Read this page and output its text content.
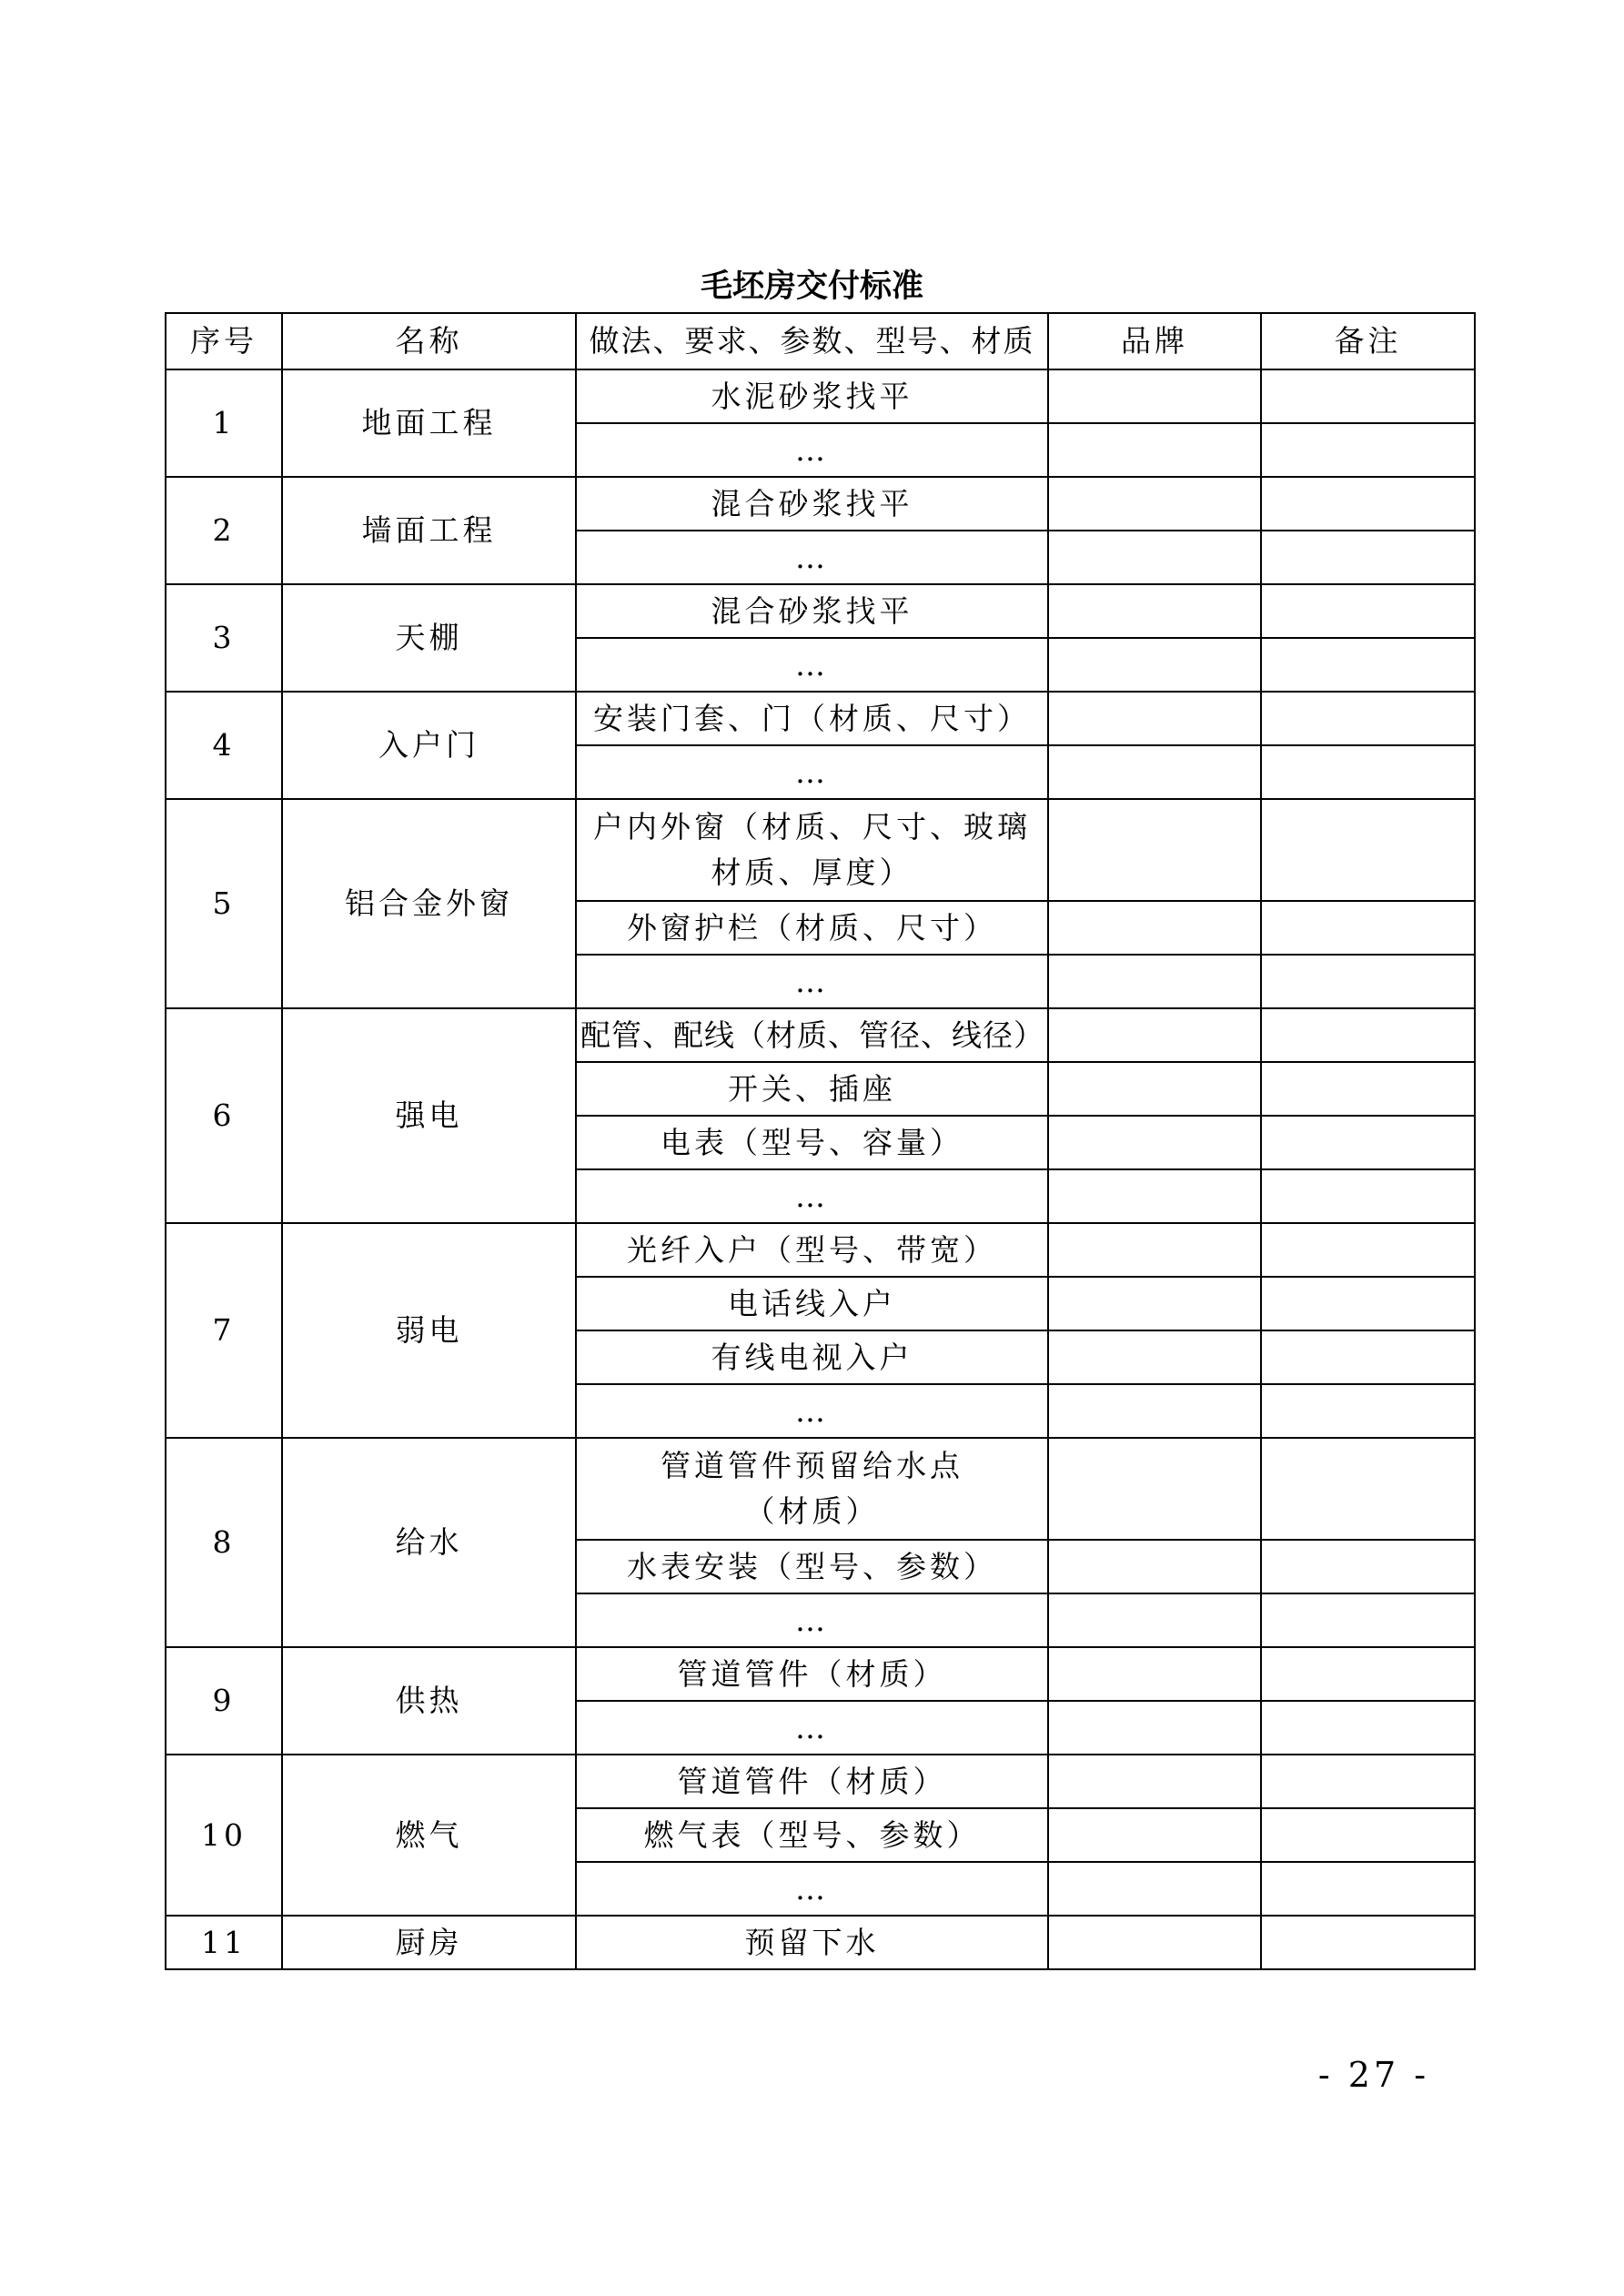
毛坯房交付标准
序号	名称	做法、要求、参数、型号、材质	品牌	备注
1	地面工程	水泥砂浆找平		
		…		
2	墙面工程	混合砂浆找平		
		…		
3	天棚	混合砂浆找平		
		…		
4	入户门	安装门套、门（材质、尺寸）		
		…		
5	铝合金外窗	户内外窗（材质、尺寸、玻璃材质、厚度）		
		外窗护栏（材质、尺寸）		
		…		
6	强电	配管、配线（材质、管径、线径）		
		开关、插座		
		电表（型号、容量）		
		…		
7	弱电	光纤入户（型号、带宽）		
		电话线入户		
		有线电视入户		
		…		
8	给水	管道管件预留给水点（材质）		
		水表安装（型号、参数）		
		…		
9	供热	管道管件（材质）		
		…		
10	燃气	管道管件（材质）		
		燃气表（型号、参数）		
		…		
11	厨房	预留下水		
- 27 -
